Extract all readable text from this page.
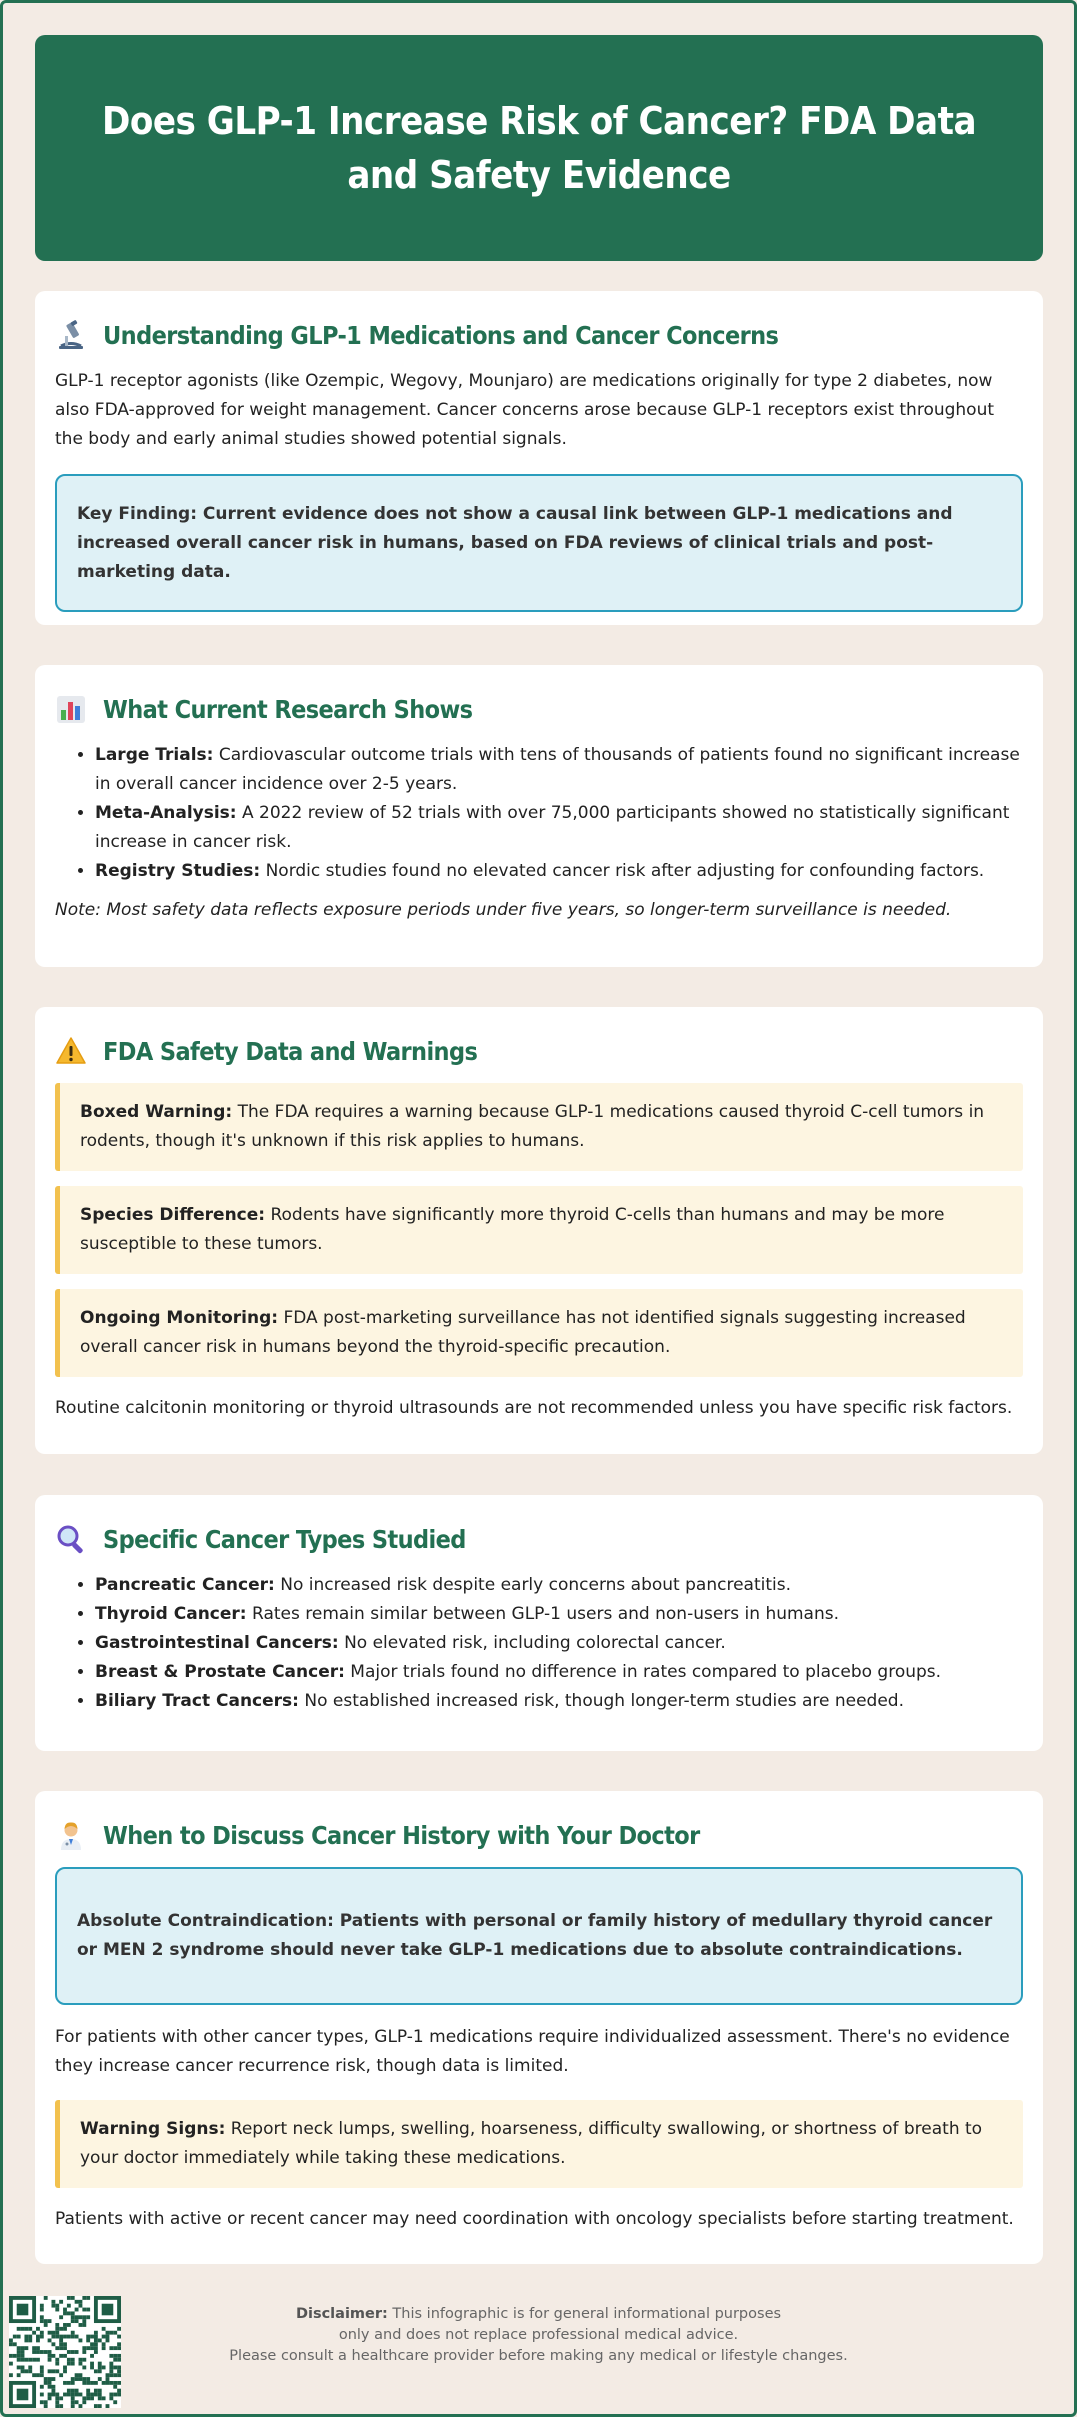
Does GLP-1 Increase Risk of Cancer? FDA Data and Safety Evidence
Understanding GLP-1 Medications and Cancer Concerns

GLP-1 receptor agonists (like Ozempic, Wegovy, Mounjaro) are medications originally for type 2 diabetes, now also FDA-approved for weight management. Cancer concerns arose because GLP-1 receptors exist throughout the body and early animal studies showed potential signals.

Key Finding: Current evidence does not show a causal link between GLP-1 medications and increased overall cancer risk in humans, based on FDA reviews of clinical trials and post-marketing data.

What Current Research Shows
• Large Trials: Cardiovascular outcome trials with tens of thousands of patients found no significant increase in overall cancer incidence over 2-5 years.
• Meta-Analysis: A 2022 review of 52 trials with over 75,000 participants showed no statistically significant increase in cancer risk.
• Registry Studies: Nordic studies found no elevated cancer risk after adjusting for confounding factors.

Note: Most safety data reflects exposure periods under five years, so longer-term surveillance is needed.

FDA Safety Data and Warnings

Boxed Warning: The FDA requires a warning because GLP-1 medications caused thyroid C-cell tumors in rodents, though it's unknown if this risk applies to humans.

Species Difference: Rodents have significantly more thyroid C-cells than humans and may be more susceptible to these tumors.

Ongoing Monitoring: FDA post-marketing surveillance has not identified signals suggesting increased overall cancer risk in humans beyond the thyroid-specific precaution.

Routine calcitonin monitoring or thyroid ultrasounds are not recommended unless you have specific risk factors.

Specific Cancer Types Studied
• Pancreatic Cancer: No increased risk despite early concerns about pancreatitis.
• Thyroid Cancer: Rates remain similar between GLP-1 users and non-users in humans.
• Gastrointestinal Cancers: No elevated risk, including colorectal cancer.
• Breast & Prostate Cancer: Major trials found no difference in rates compared to placebo groups.
• Biliary Tract Cancers: No established increased risk, though longer-term studies are needed.
When to Discuss Cancer History with Your Doctor

Absolute Contraindication: Patients with personal or family history of medullary thyroid cancer or MEN 2 syndrome should never take GLP-1 medications due to absolute contraindications.

For patients with other cancer types, GLP-1 medications require individualized assessment. There's no evidence they increase cancer recurrence risk, though data is limited.

Warning Signs: Report neck lumps, swelling, hoarseness, difficulty swallowing, or shortness of breath to your doctor immediately while taking these medications.

Patients with active or recent cancer may need coordination with oncology specialists before starting treatment.

Disclaimer: This infographic is for general informational purposes
only and does not replace professional medical advice.
Please consult a healthcare provider before making any medical or lifestyle changes.
